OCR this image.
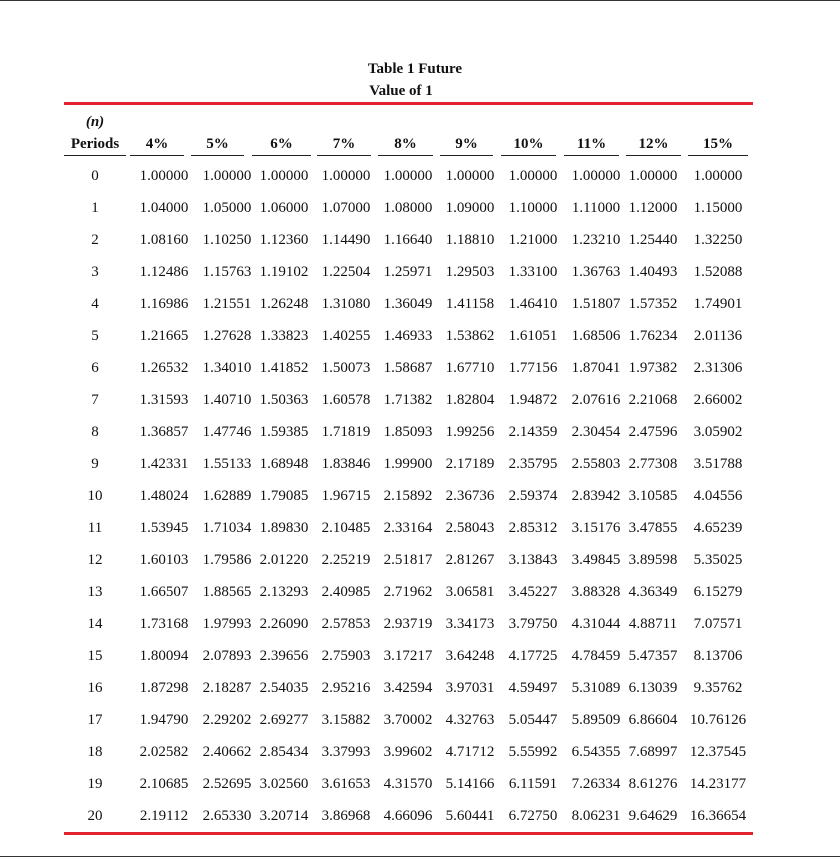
Table 1 Future
Value of 1
(n)
Periods	4%	5%	6%	7%	8%	9%	10%	11%	12%	15%
0	1.00000 1.00000 1.00000 1.00000 1.00000 1.00000 1.00000 1.00000 1.00000	1.00000
1	1.04000 1.05000 1.06000 1.07000 1.08000 1.09000 1.10000 1.11000 1.12000	1.15000
2	1.08160 1.10250 1.12360 1.14490 1.16640 1.18810 1.21000 1.23210 1.25440	1.32250
3	1.12486 1.15763 1.19102 1.22504 1.25971 1.29503 1.33100 1.36763 1.40493	1.52088
4	1.16986 1.21551 1.26248 1.31080 1.36049 1.41158 1.46410 1.51807 1.57352	1.74901
5	1.21665 1.27628 1.33823 1.40255 1.46933 1.53862 1.61051 1.68506 1.76234	2.01136
6	1.26532 1.34010 1.41852 1.50073 1.58687 1.67710 1.77156 1.87041 1.97382	2.31306
7	1.31593 1.40710 1.50363 1.60578 1.71382 1.82804 1.94872 2.07616 2.21068	2.66002
8	1.36857 1.47746 1.59385 1.71819 1.85093 1.99256 2.14359 2.30454 2.47596	3.05902
9	1.42331 1.55133 1.68948 1.83846 1.99900 2.17189 2.35795 2.55803 2.77308	3.51788
10	1.48024 1.62889 1.79085 1.96715 2.15892 2.36736 2.59374 2.83942 3.10585	4.04556
11	1.53945 1.71034 1.89830 2.10485 2.33164 2.58043 2.85312 3.15176 3.47855	4.65239
12	1.60103 1.79586 2.01220 2.25219 2.51817 2.81267 3.13843 3.49845 3.89598	5.35025
13	1.66507 1.88565 2.13293 2.40985 2.71962 3.06581 3.45227 3.88328 4.36349	6.15279
14	1.73168 1.97993 2.26090 2.57853 2.93719 3.34173 3.79750 4.31044 4.88711	7.07571
15	1.80094 2.07893 2.39656 2.75903 3.17217 3.64248 4.17725 4.78459 5.47357	8.13706
16	1.87298 2.18287 2.54035 2.95216 3.42594 3.97031 4.59497 5.31089 6.13039	9.35762
17	1.94790 2.29202 2.69277 3.15882 3.70002 4.32763 5.05447 5.89509 6.86604 10.76126
18	2.02582 2.40662 2.85434 3.37993 3.99602 4.71712 5.55992 6.54355 7.68997 12.37545
19	2.10685 2.52695 3.02560 3.61653 4.31570 5.14166 6.11591 7.26334 8.61276 14.23177
20	2.19112 2.65330 3.20714 3.86968 4.66096 5.60441 6.72750 8.06231 9.64629 16.36654
